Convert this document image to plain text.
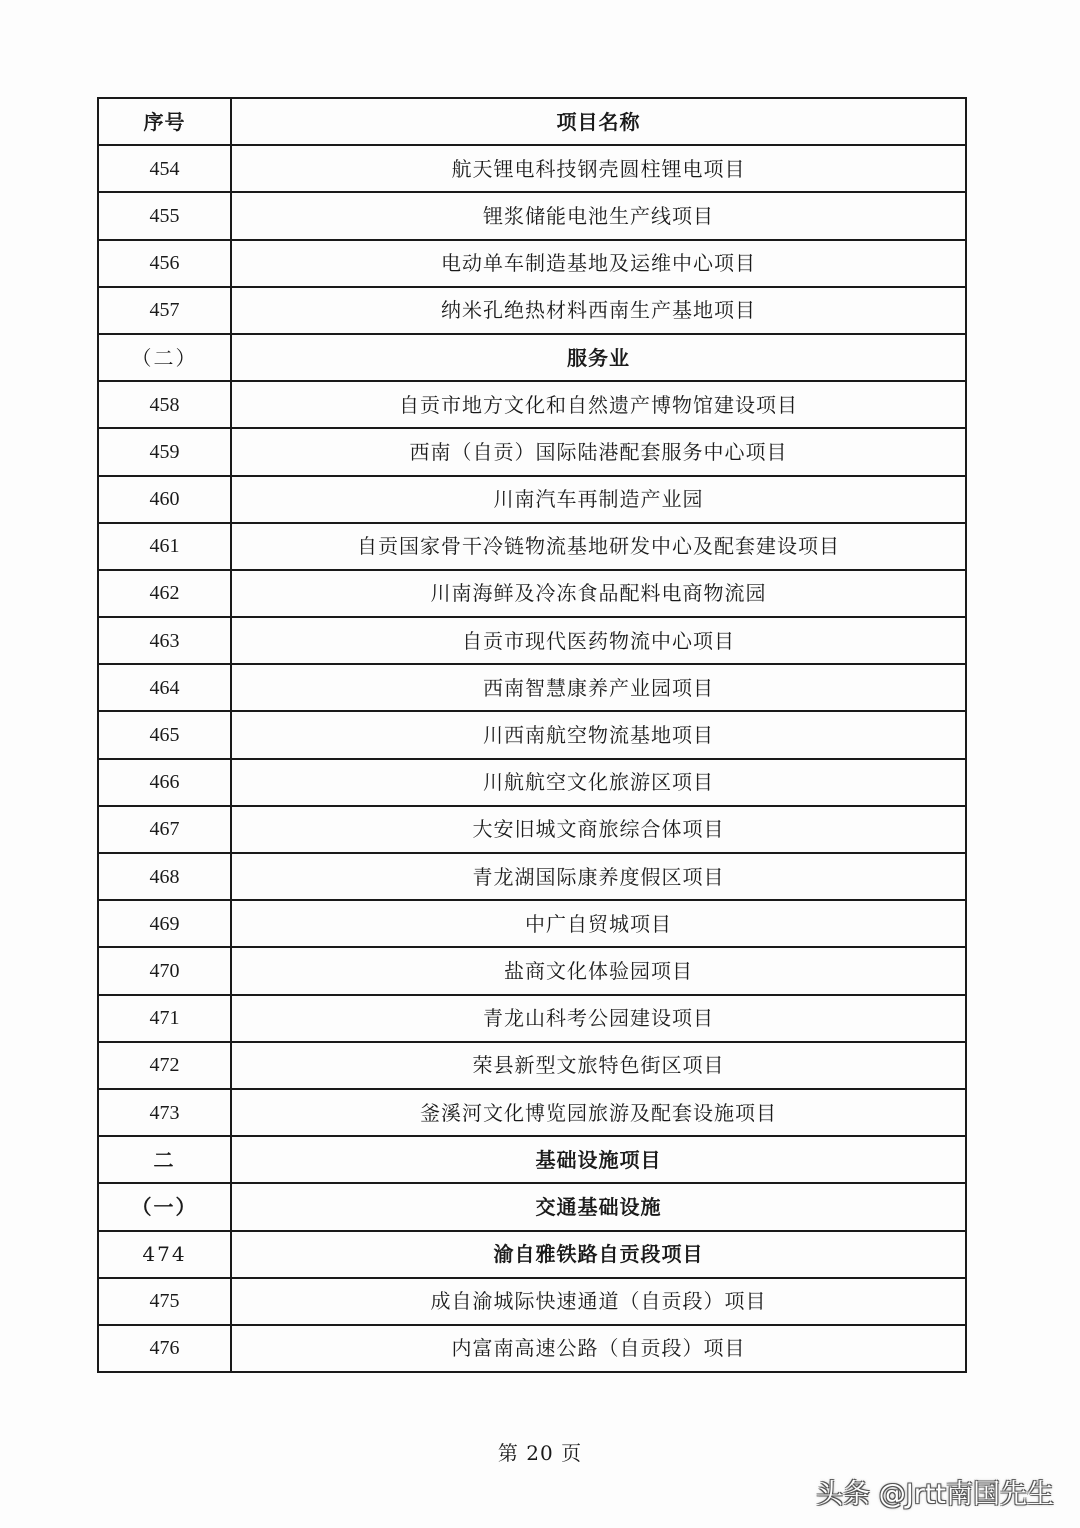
序号	项目名称
454	航天锂电科技钢壳圆柱锂电项目
455	锂浆储能电池生产线项目
456	电动单车制造基地及运维中心项目
457	纳米孔绝热材料西南生产基地项目
（二）	服务业
458	自贡市地方文化和自然遗产博物馆建设项目
459	西南（自贡）国际陆港配套服务中心项目
460	川南汽车再制造产业园
461	自贡国家骨干冷链物流基地研发中心及配套建设项目
462	川南海鲜及冷冻食品配料电商物流园
463	自贡市现代医药物流中心项目
464	西南智慧康养产业园项目
465	川西南航空物流基地项目
466	川航航空文化旅游区项目
467	大安旧城文商旅综合体项目
468	青龙湖国际康养度假区项目
469	中广自贸城项目
470	盐商文化体验园项目
471	青龙山科考公园建设项目
472	荣县新型文旅特色街区项目
473	釜溪河文化博览园旅游及配套设施项目
二	基础设施项目
（一）	交通基础设施
474	渝自雅铁路自贡段项目
475	成自渝城际快速通道（自贡段）项目
476	内富南高速公路（自贡段）项目
第 20 页
头条 @Jrtt南国先生
